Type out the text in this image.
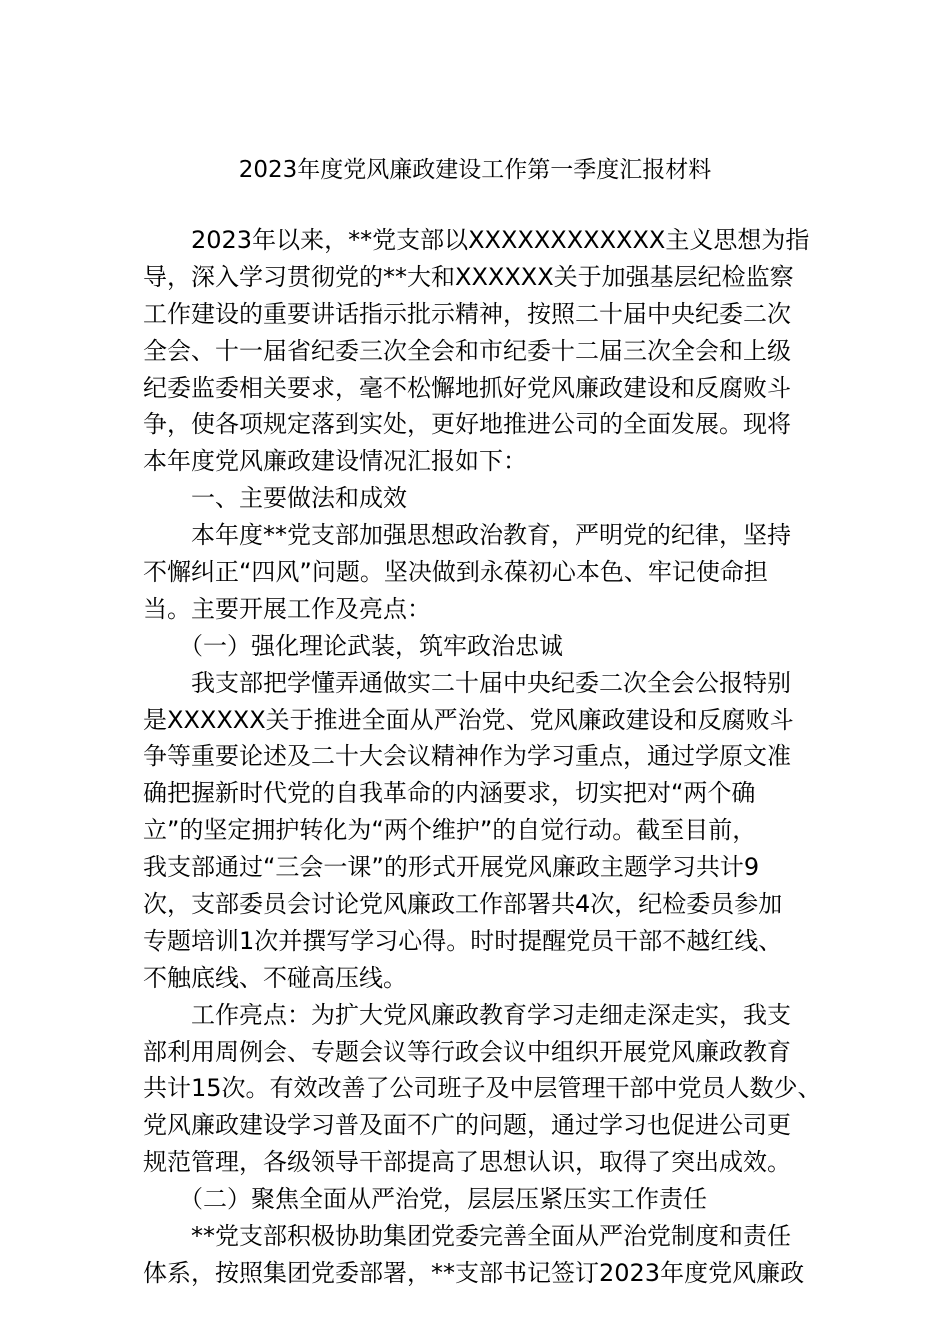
2023年度党风廉政建设工作第一季度汇报材料
　　2023年以来，**党支部以XXXXXXXXXXXX主义思想为指
导，深入学习贯彻党的**大和XXXXXX关于加强基层纪检监察
工作建设的重要讲话指示批示精神，按照二十届中央纪委二次
全会、十一届省纪委三次全会和市纪委十二届三次全会和上级
纪委监委相关要求，毫不松懈地抓好党风廉政建设和反腐败斗
争，使各项规定落到实处，更好地推进公司的全面发展。现将
本年度党风廉政建设情况汇报如下：
　　一、主要做法和成效
　　本年度**党支部加强思想政治教育，严明党的纪律，坚持
不懈纠正“四风”问题。坚决做到永葆初心本色、牢记使命担
当。主要开展工作及亮点：
　　（一）强化理论武装，筑牢政治忠诚
　　我支部把学懂弄通做实二十届中央纪委二次全会公报特别
是XXXXXX关于推进全面从严治党、党风廉政建设和反腐败斗
争等重要论述及二十大会议精神作为学习重点，通过学原文准
确把握新时代党的自我革命的内涵要求，切实把对“两个确
立”的坚定拥护转化为“两个维护”的自觉行动。截至目前，
我支部通过“三会一课”的形式开展党风廉政主题学习共计9
次，支部委员会讨论党风廉政工作部署共4次，纪检委员参加
专题培训1次并撰写学习心得。时时提醒党员干部不越红线、
不触底线、不碰高压线。
　　工作亮点：为扩大党风廉政教育学习走细走深走实，我支
部利用周例会、专题会议等行政会议中组织开展党风廉政教育
共计15次。有效改善了公司班子及中层管理干部中党员人数少、
党风廉政建设学习普及面不广的问题，通过学习也促进公司更
规范管理，各级领导干部提高了思想认识，取得了突出成效。
　　（二）聚焦全面从严治党，层层压紧压实工作责任
　　**党支部积极协助集团党委完善全面从严治党制度和责任
体系，按照集团党委部署，**支部书记签订2023年度党风廉政
